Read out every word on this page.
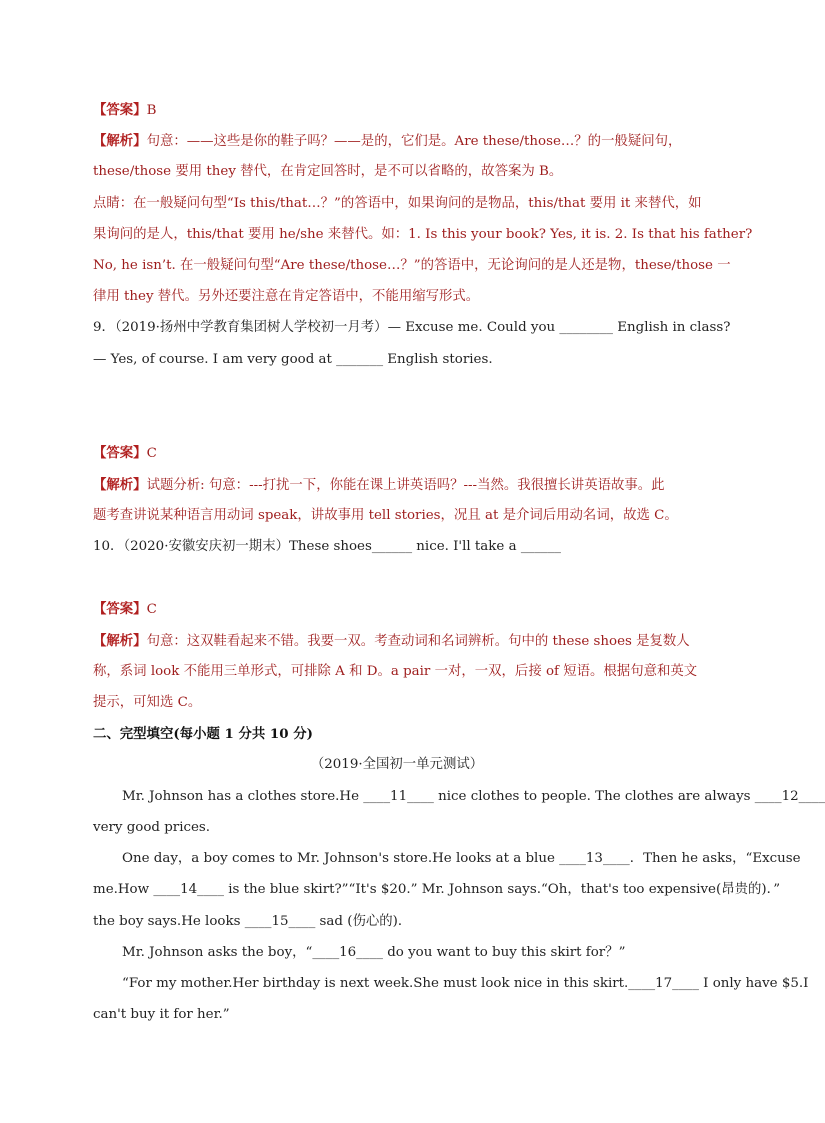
【答案】B
【解析】句意：——这些是你的鞋子吗？——是的，它们是。Are these/those…？的一般疑问句，
these/those 要用 they 替代，在肯定回答时，是不可以省略的，故答案为 B。
点睛：在一般疑问句型“Is this/that…？”的答语中，如果询问的是物品，this/that 要用 it 来替代，如
果询问的是人，this/that 要用 he/she 来替代。如：1. Is this your book? Yes, it is. 2. Is that his father?
No, he isn’t. 在一般疑问句型“Are these/those…？”的答语中，无论询问的是人还是物，these/those 一
律用 they 替代。另外还要注意在肯定答语中，不能用缩写形式。
9．（2019·扬州中学教育集团树人学校初一月考）— Excuse me. Could you ________ English in class?
— Yes, of course. I am very good at _______ English stories.
【答案】C
【解析】试题分析: 句意：---打扰一下，你能在课上讲英语吗？---当然。我很擅长讲英语故事。此
题考查讲说某种语言用动词 speak，讲故事用 tell stories，况且 at 是介词后用动名词，故选 C。
10．（2020·安徽安庆初一期末）These shoes______ nice. I'll take a ______
【答案】C
【解析】句意：这双鞋看起来不错。我要一双。考查动词和名词辨析。句中的 these shoes 是复数人
称，系词 look 不能用三单形式，可排除 A 和 D。a pair 一对，一双，后接 of 短语。根据句意和英文
提示，可知选 C。
二、完型填空(每小题 1 分共 10 分)
（2019·全国初一单元测试）
Mr. Johnson has a clothes store.He ____11____ nice clothes to people. The clothes are always ____12____
very good prices.
One day，a boy comes to Mr. Johnson's store.He looks at a blue ____13____．Then he asks，“Excuse
me.How ____14____ is the blue skirt?”“It's $20.” Mr. Johnson says.“Oh，that's too expensive(昂贵的)．”
the boy says.He looks ____15____ sad (伤心的)．
Mr. Johnson asks the boy，“____16____ do you want to buy this skirt for？”
“For my mother.Her birthday is next week.She must look nice in this skirt.____17____ I only have $5.I
can't buy it for her.”
